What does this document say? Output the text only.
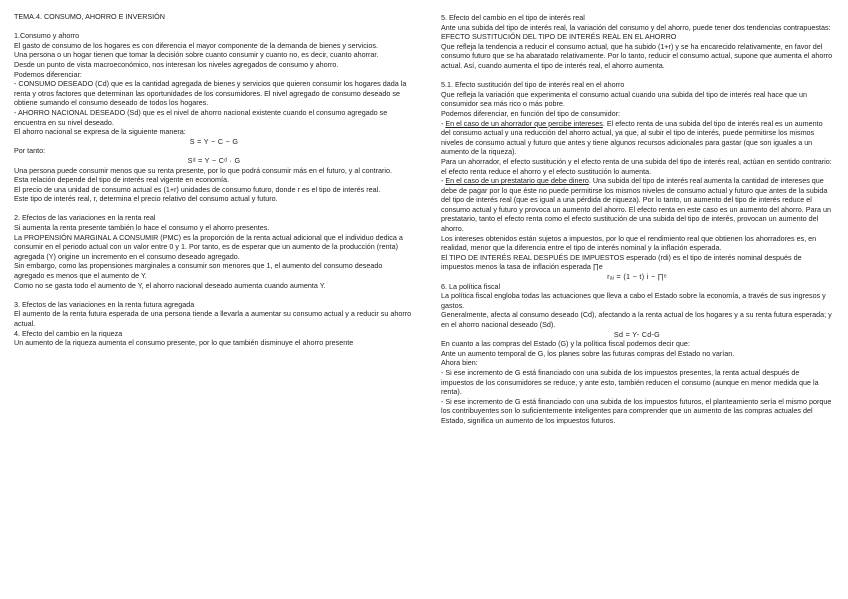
TEMA.4. CONSUMO, AHORRO E INVERSIÓN

1.Consumo y ahorro

El gasto de consumo de los hogares es con diferencia el mayor componente de la demanda de bienes y servicios.

Una persona o un hogar tienen que tomar la decisión sobre cuanto consumir y cuanto no, es decir, cuanto ahorrar.

Desde un punto de vista macroeconómico, nos interesan los niveles agregados de consumo y ahorro.

Podemos diferenciar:

- CONSUMO DESEADO (Cd) que es la cantidad agregada de bienes y servicios que quieren consumir los hogares dada la renta y otros factores que determinan las oportunidades de los consumidores. El nivel agregado de consumo deseado se obtiene sumando el consumo deseado de todos los hogares.

- AHORRO NACIONAL DESEADO (Sd) que es el nivel de ahorro nacional existente cuando el consumo agregado se encuentra en su nivel deseado.

El ahorro nacional se expresa de la siguiente manera:

S = Y − C − G

Por tanto:

Sᵈ = Y − Cᵈ · G

Una persona puede consumir menos que su renta presente, por lo que podrá consumir más en el futuro, y al contrario.

Esta relación depende del tipo de interés real vigente en economía.

El precio de una unidad de consumo actual es (1+r) unidades de consumo futuro, donde r es el tipo de interés real.

Este tipo de interés real, r, determina el precio relativo del consumo actual y futuro.

2. Efectos de las variaciones en la renta real

Si aumenta la renta presente también lo hace el consumo y el ahorro presentes.

La PROPENSIÓN MARGINAL A CONSUMIR (PMC) es la proporción de la renta actual adicional que el individuo dedica a consumir en el periodo actual con un valor entre 0 y 1. Por tanto, es de esperar que un aumento de la producción (renta) agregada (Y) origine un incremento en el consumo deseado agregado.

Sin embargo, como las propensiones marginales a consumir son menores que 1, el aumento del consumo deseado agregado es menos que el aumento de Y.

Como no se gasta todo el aumento de Y, el ahorro nacional deseado aumenta cuando aumenta Y.

3. Efectos de las variaciones en la renta futura agregada

El aumento de la renta futura esperada de una persona tiende a llevarla a aumentar su consumo actual y a reducir su ahorro actual.

4. Efecto del cambio en la riqueza

Un aumento de la riqueza aumenta el consumo presente, por lo que también disminuye el ahorro presente

5. Efecto del cambio en el tipo de interés real

Ante una subida del tipo de interés real, la variación del consumo y del ahorro, puede tener dos tendencias contrapuestas:

EFECTO SUSTITUCIÓN DEL TIPO DE INTERÉS REAL EN EL AHORRO

Que refleja la tendencia a reducir el consumo actual, que ha subido (1+r) y se ha encarecido relativamente, en favor del consumo futuro que se ha abaratado relativamente. Por lo tanto, reducir el consumo actual, supone que aumenta el ahorro actual. Así, cuando aumenta el tipo de interés real, el ahorro aumenta.

5.1. Efecto sustitución del tipo de interés real en el ahorro

Que refleja la variación que experimenta el consumo actual cuando una subida del tipo de interés real hace que un consumidor sea más rico o más pobre.

Podemos diferenciar, en función del tipo de consumidor:

- En el caso de un ahorrador que percibe intereses. El efecto renta de una subida del tipo de interés real es un aumento del consumo actual y una reducción del ahorro actual, ya que, al subir el tipo de interés, puede permitirse los mismos niveles de consumo actual y futuro que antes y tiene algunos recursos adicionales para gastar (que son iguales a un aumento de la riqueza).

Para un ahorrador, el efecto sustitución y el efecto renta de una subida del tipo de interés real, actúan en sentido contrario: el efecto renta reduce el ahorro y el efecto sustitución lo aumenta.

- En el caso de un prestatario que debe dinero. Una subida del tipo de interés real aumenta la cantidad de intereses que debe de pagar por lo que éste no puede permitirse los mismos niveles de consumo actual y futuro que antes de la subida del tipo de interés real (que es igual a una pérdida de riqueza). Por lo tanto, un aumento del tipo de interés reduce el consumo actual y futuro y provoca un aumento del ahorro. El efecto renta en este caso es un aumento del ahorro. Para un prestatario, tanto el efecto renta como el efecto sustitución de una subida del tipo de interés, provocan un aumento del ahorro.

Los intereses obtenidos están sujetos a impuestos, por lo que el rendimiento real que obtienen los ahorradores es, en realidad, menor que la diferencia entre el tipo de interés nominal y la inflación esperada.

El TIPO DE INTERÉS REAL DESPUÉS DE IMPUESTOS esperado (rdi) es el tipo de interés nominal después de impuestos menos la tasa de inflación esperada ∏e

rₐᵢ = (1 − t) i − ∏ᵉ

6. La política fiscal

La política fiscal engloba todas las actuaciones que lleva a cabo el Estado sobre la economía, a través de sus ingresos y gastos.

Generalmente, afecta al consumo deseado (Cd), afectando a la renta actual de los hogares y a su renta futura esperada; y en el ahorro nacional deseado (Sd).

Sd = Y- Cd-G

En cuanto a las compras del Estado (G) y la política fiscal podemos decir que:

Ante un aumento temporal de G, los planes sobre las futuras compras del Estado no varían.

Ahora bien:

- Si ese incremento de G está financiado con una subida de los impuestos presentes, la renta actual después de impuestos de los consumidores se reduce, y ante esto, también reducen el consumo (aunque en menor medida que la renta).

- Si ese incremento de G está financiado con una subida de los impuestos futuros, el planteamiento sería el mismo porque los contribuyentes son lo suficientemente inteligentes para comprender que un aumento de las compras actuales del Estado, significa un aumento de los impuestos futuros.
